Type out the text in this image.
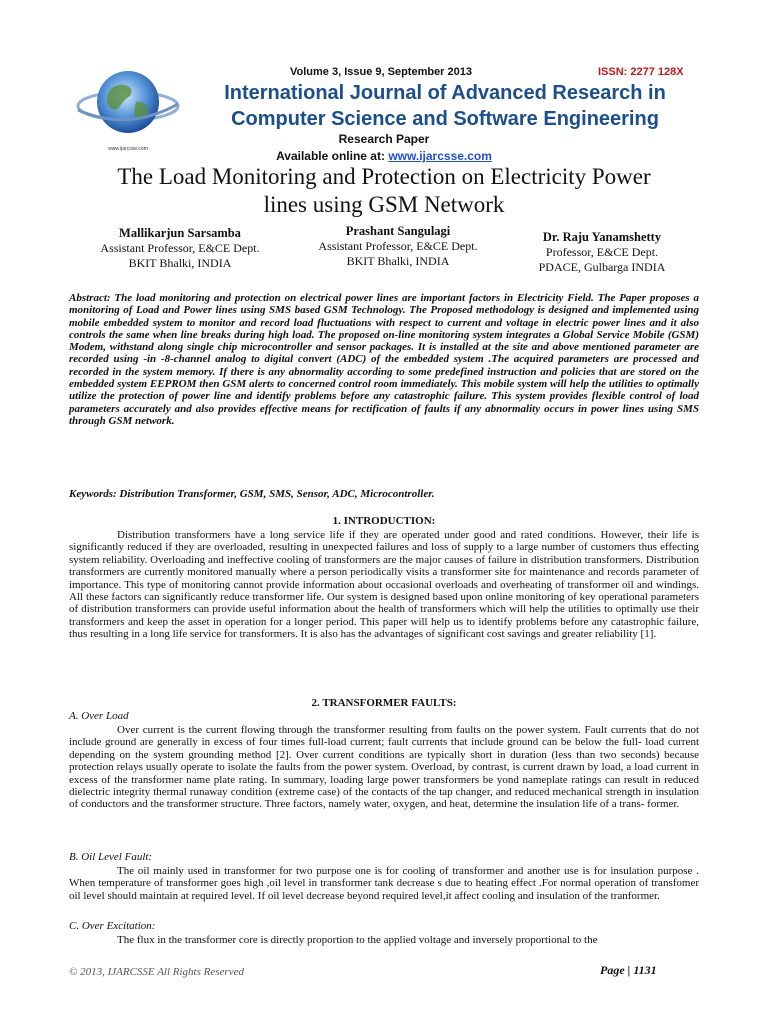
www.ijarcsse.com
Volume 3, Issue 9, September 2013	ISSN: 2277 128X
International Journal of Advanced Research in
Computer Science and Software Engineering
Research Paper
Available online at: www.ijarcsse.com
The Load Monitoring and Protection on Electricity Power
lines using GSM Network
Mallikarjun Sarsamba
Assistant Professor, E&CE Dept.
BKIT Bhalki, INDIA
Prashant Sangulagi
Assistant Professor, E&CE Dept.
BKIT Bhalki, INDIA
Dr. Raju Yanamshetty
Professor, E&CE Dept.
PDACE, Gulbarga INDIA
Abstract: The load monitoring and protection on electrical power lines are important factors in Electricity Field. The Paper proposes a monitoring of Load and Power lines using SMS based GSM Technology. The Proposed methodology is designed and implemented using mobile embedded system to monitor and record load fluctuations with respect to current and voltage in electric power lines and it also controls the same when line breaks during high load. The proposed on-line monitoring system integrates a Global Service Mobile (GSM) Modem, withstand along single chip microcontroller and sensor packages. It is installed at the site and above mentioned parameter are recorded using -in -8-channel analog to digital convert (ADC) of the embedded system .The acquired parameters are processed and recorded in the system memory. If there is any abnormality according to some predefined instruction and policies that are stored on the embedded system EEPROM then GSM alerts to concerned control room immediately. This mobile system will help the utilities to optimally utilize the protection of power line and identify problems before any catastrophic failure. This system provides flexible control of load parameters accurately and also provides effective means for rectification of faults if any abnormality occurs in power lines using SMS through GSM network.
Keywords: Distribution Transformer, GSM, SMS, Sensor, ADC, Microcontroller.
1. INTRODUCTION:

Distribution transformers have a long service life if they are operated under good and rated conditions. However, their life is significantly reduced if they are overloaded, resulting in unexpected failures and loss of supply to a large number of customers thus effecting system reliability. Overloading and ineffective cooling of transformers are the major causes of failure in distribution transformers. Distribution transformers are currently monitored manually where a person periodically visits a transformer site for maintenance and records parameter of importance. This type of monitoring cannot provide information about occasional overloads and overheating of transformer oil and windings. All these factors can significantly reduce transformer life. Our system is designed based upon online monitoring of key operational parameters of distribution transformers can provide useful information about the health of transformers which will help the utilities to optimally use their transformers and keep the asset in operation for a longer period. This paper will help us to identify problems before any catastrophic failure, thus resulting in a long life service for transformers. It is also has the advantages of significant cost savings and greater reliability [1].

2. TRANSFORMER FAULTS:
A. Over Load

Over current is the current flowing through the transformer resulting from faults on the power system. Fault currents that do not include ground are generally in excess of four times full-load current; fault currents that include ground can be below the full- load current depending on the system grounding method [2]. Over current conditions are typically short in duration (less than two seconds) because protection relays usually operate to isolate the faults from the power system. Overload, by contrast, is current drawn by load, a load current in excess of the transformer name plate rating. In summary, loading large power transformers be yond nameplate ratings can result in reduced dielectric integrity thermal runaway condition (extreme case) of the contacts of the tap changer, and reduced mechanical strength in insulation of conductors and the transformer structure. Three factors, namely water, oxygen, and heat, determine the insulation life of a trans- former.

B. Oil Level Fault:

The oil mainly used in transformer for two purpose one is for cooling of transformer and another use is for insulation purpose . When temperature of transformer goes high ,oil level in transformer tank decrease s due to heating effect .For normal operation of transfomer oil level should maintain at required level. If oil level decrease beyond required level,it affect cooling and insulation of the tranformer.

C. Over Excitation:

The flux in the transformer core is directly proportion to the applied voltage and inversely proportional to the

© 2013, IJARCSSE All Rights Reserved	Page | 1131
